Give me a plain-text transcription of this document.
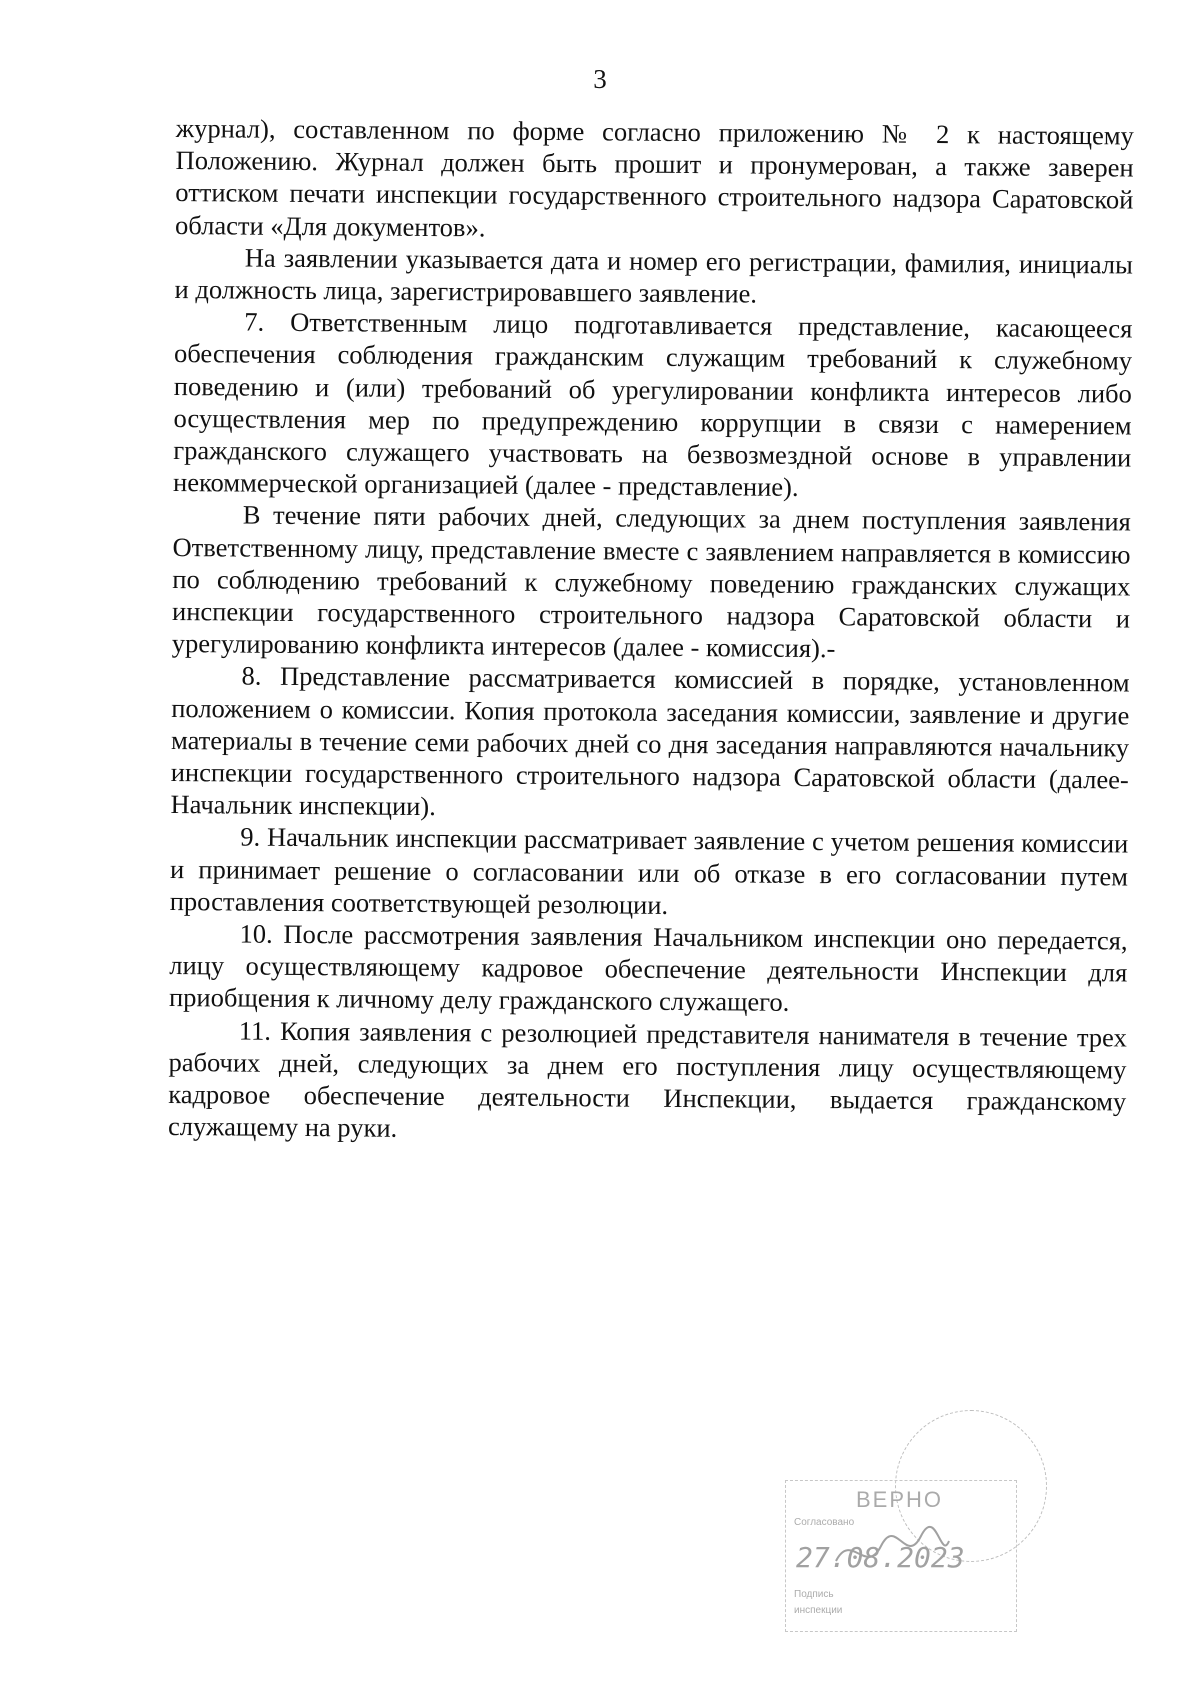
3

журнал), составленном по форме согласно приложению № 2 к настоящему Положению. Журнал должен быть прошит и пронумерован, а также заверен оттиском печати инспекции государственного строительного надзора Саратовской области «Для документов».

На заявлении указывается дата и номер его регистрации, фамилия, инициалы и должность лица, зарегистрировавшего заявление.

7. Ответственным лицо подготавливается представление, касающееся обеспечения соблюдения гражданским служащим требований к служебному поведению и (или) требований об урегулировании конфликта интересов либо осуществления мер по предупреждению коррупции в связи с намерением гражданского служащего участвовать на безвозмездной основе в управлении некоммерческой организацией (далее - представление).

В течение пяти рабочих дней, следующих за днем поступления заявления Ответственному лицу, представление вместе с заявлением направляется в комиссию по соблюдению требований к служебному поведению гражданских служащих инспекции государственного строительного надзора Саратовской области и урегулированию конфликта интересов (далее - комиссия).-

8. Представление рассматривается комиссией в порядке, установленном положением о комиссии. Копия протокола заседания комиссии, заявление и другие материалы в течение семи рабочих дней со дня заседания направляются начальнику инспекции государственного строительного надзора Саратовской области (далее- Начальник инспекции).

9. Начальник инспекции рассматривает заявление с учетом решения комиссии и принимает решение о согласовании или об отказе в его согласовании путем проставления соответствующей резолюции.

10. После рассмотрения заявления Начальником инспекции оно передается, лицу осуществляющему кадровое обеспечение деятельности Инспекции для приобщения к личному делу гражданского служащего.

11. Копия заявления с резолюцией представителя нанимателя в течение трех рабочих дней, следующих за днем его поступления лицу осуществляющему кадровое обеспечение деятельности Инспекции, выдается гражданскому служащему на руки.

ВЕРНО
Согласовано
27.08.2023
Подпись
инспекции
